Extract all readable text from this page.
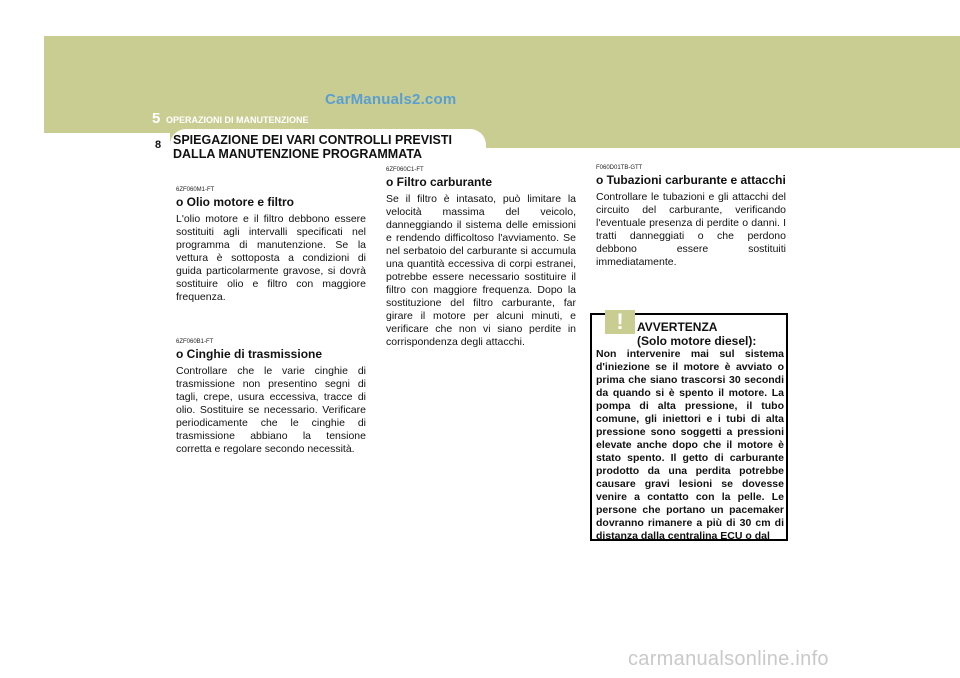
CarManuals2.com
5 OPERAZIONI DI MANUTENZIONE
8 SPIEGAZIONE DEI VARI CONTROLLI PREVISTI DALLA MANUTENZIONE PROGRAMMATA
6ZF060M1-FT
o Olio motore e filtro

L'olio motore e il filtro debbono essere sostituiti agli intervalli specificati nel programma di manutenzione. Se la vettura è sottoposta a condizioni di guida particolarmente gravose, si dovrà sostituire olio e filtro con maggiore frequenza.

6ZF060B1-FT
o Cinghie di trasmissione

Controllare che le varie cinghie di trasmissione non presentino segni di tagli, crepe, usura eccessiva, tracce di olio. Sostituire se necessario. Verificare periodicamente che le cinghie di trasmissione abbiano la tensione corretta e regolare secondo necessità.

6ZF060C1-FT
o Filtro carburante

Se il filtro è intasato, può limitare la velocità massima del veicolo, danneggiando il sistema delle emissioni e rendendo difficoltoso l'avviamento. Se nel serbatoio del carburante si accumula una quantità eccessiva di corpi estranei, potrebbe essere necessario sostituire il filtro con maggiore frequenza. Dopo la sostituzione del filtro carburante, far girare il motore per alcuni minuti, e verificare che non vi siano perdite in corrispondenza degli attacchi.

F060D01TB-GTT
o Tubazioni carburante e attacchi

Controllare le tubazioni e gli attacchi del circuito del carburante, verificando l'eventuale presenza di perdite o danni. I tratti danneggiati o che perdono debbono essere sostituiti immediatamente.

!	AVVERTENZA
(Solo motore diesel):
Non intervenire mai sul sistema d'iniezione se il motore è avviato o prima che siano trascorsi 30 secondi da quando si è spento il motore. La pompa di alta pressione, il tubo comune, gli iniettori e i tubi di alta pressione sono soggetti a pressioni elevate anche dopo che il motore è stato spento. Il getto di carburante prodotto da una perdita potrebbe causare gravi lesioni se dovesse venire a contatto con la pelle. Le persone che portano un pacemaker dovranno rimanere a più di 30 cm di distanza dalla centralina ECU o dal
carmanualsonline.info
